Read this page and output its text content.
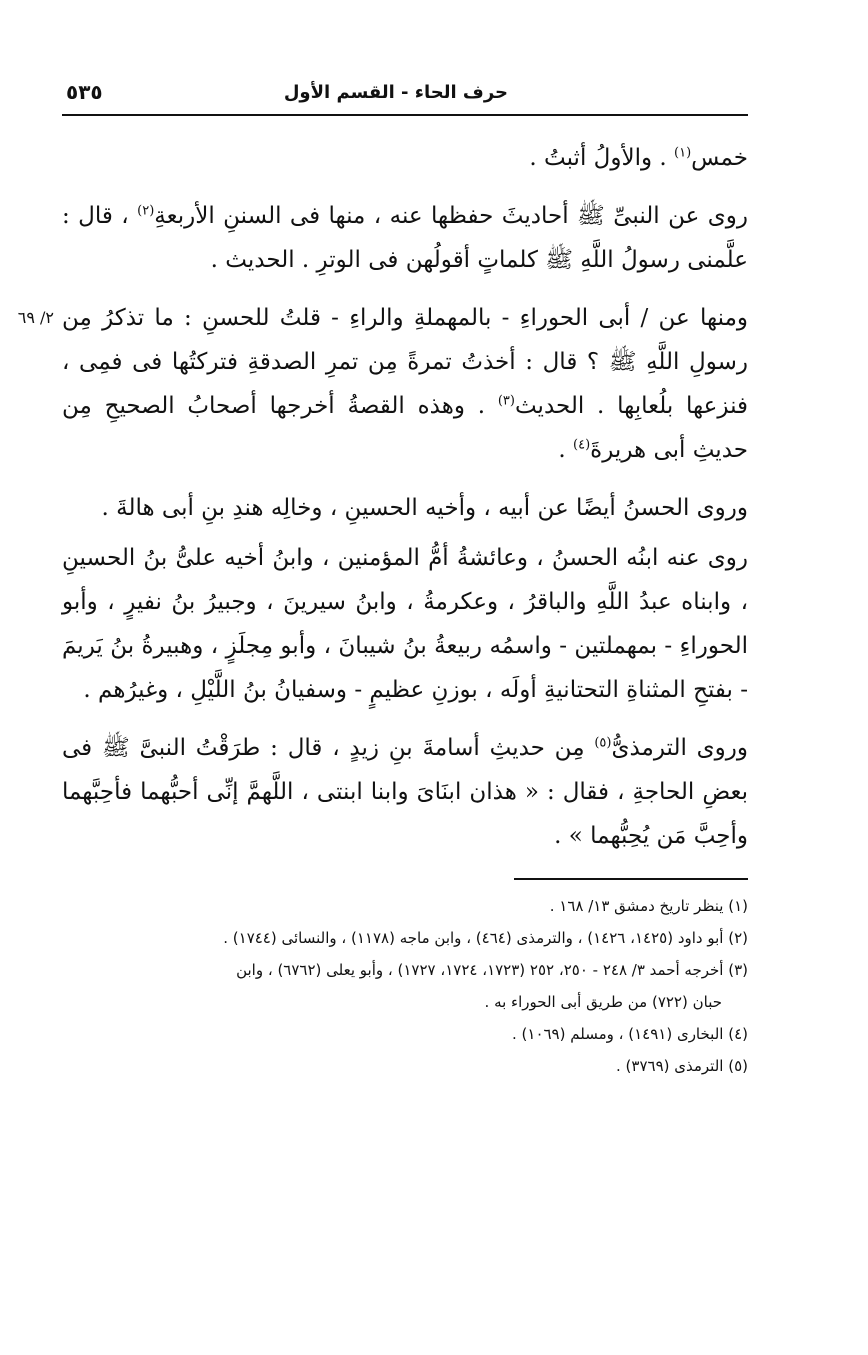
حرف الحاء - القسم الأول
٥٣٥

خمس$^{(١)}$ . والأولُ أثبتُ .

روى عن النبىِّ ﷺ أحاديثَ حفظها عنه ، منها فى السننِ الأربعةِ$^{(٢)}$ ، قال : علَّمنى رسولُ اللَّهِ ﷺ كلماتٍ أقولُهن فى الوترِ . الحديث .

٢/ ٦٩ ومنها عن / أبى الحوراءِ - بالمهملةِ والراءِ - قلتُ للحسنِ : ما تذكرُ مِن رسولِ اللَّهِ ﷺ ؟ قال : أخذتُ تمرةً مِن تمرِ الصدقةِ فتركتُها فى فمِى ، فنزعها بلُعابِها . الحديث$^{(٣)}$ . وهذه القصةُ أخرجها أصحابُ الصحيحِ مِن حديثِ أبى هريرةَ$^{(٤)}$ .

وروى الحسنُ أيضًا عن أبيه ، وأخيه الحسينِ ، وخالِه هندِ بنِ أبى هالةَ .

روى عنه ابنُه الحسنُ ، وعائشةُ أمُّ المؤمنين ، وابنُ أخيه علىُّ بنُ الحسينِ ، وابناه عبدُ اللَّهِ والباقرُ ، وعكرمةُ ، وابنُ سيرينَ ، وجبيرُ بنُ نفيرٍ ، وأبو الحوراءِ - بمهملتين - واسمُه ربيعةُ بنُ شيبانَ ، وأبو مِجلَزٍ ، وهبيرةُ بنُ يَريمَ - بفتحِ المثناةِ التحتانيةِ أولَه ، بوزنِ عظيمٍ - وسفيانُ بنُ اللَّيْلِ ، وغيرُهم .

وروى الترمذىُّ$^{(٥)}$ مِن حديثِ أسامةَ بنِ زيدٍ ، قال : طرَقْتُ النبىَّ ﷺ فى بعضِ الحاجةِ ، فقال : « هذان ابنَاىَ وابنا ابنتى ، اللَّهمَّ إنِّى أحبُّهما فأحِبَّهما وأحِبَّ مَن يُحِبُّهما » .

(١) ينظر تاريخ دمشق ١٣/ ١٦٨ .

(٢) أبو داود (١٤٢٥، ١٤٢٦) ، والترمذى (٤٦٤) ، وابن ماجه (١١٧٨) ، والنسائى (١٧٤٤) .

(٣) أخرجه أحمد ٣/ ٢٤٨ - ٢٥٠، ٢٥٢ (١٧٢٣، ١٧٢٤، ١٧٢٧) ، وأبو يعلى (٦٧٦٢) ، وابن

حبان (٧٢٢) من طريق أبى الحوراء به .

(٤) البخارى (١٤٩١) ، ومسلم (١٠٦٩) .

(٥) الترمذى (٣٧٦٩) .
